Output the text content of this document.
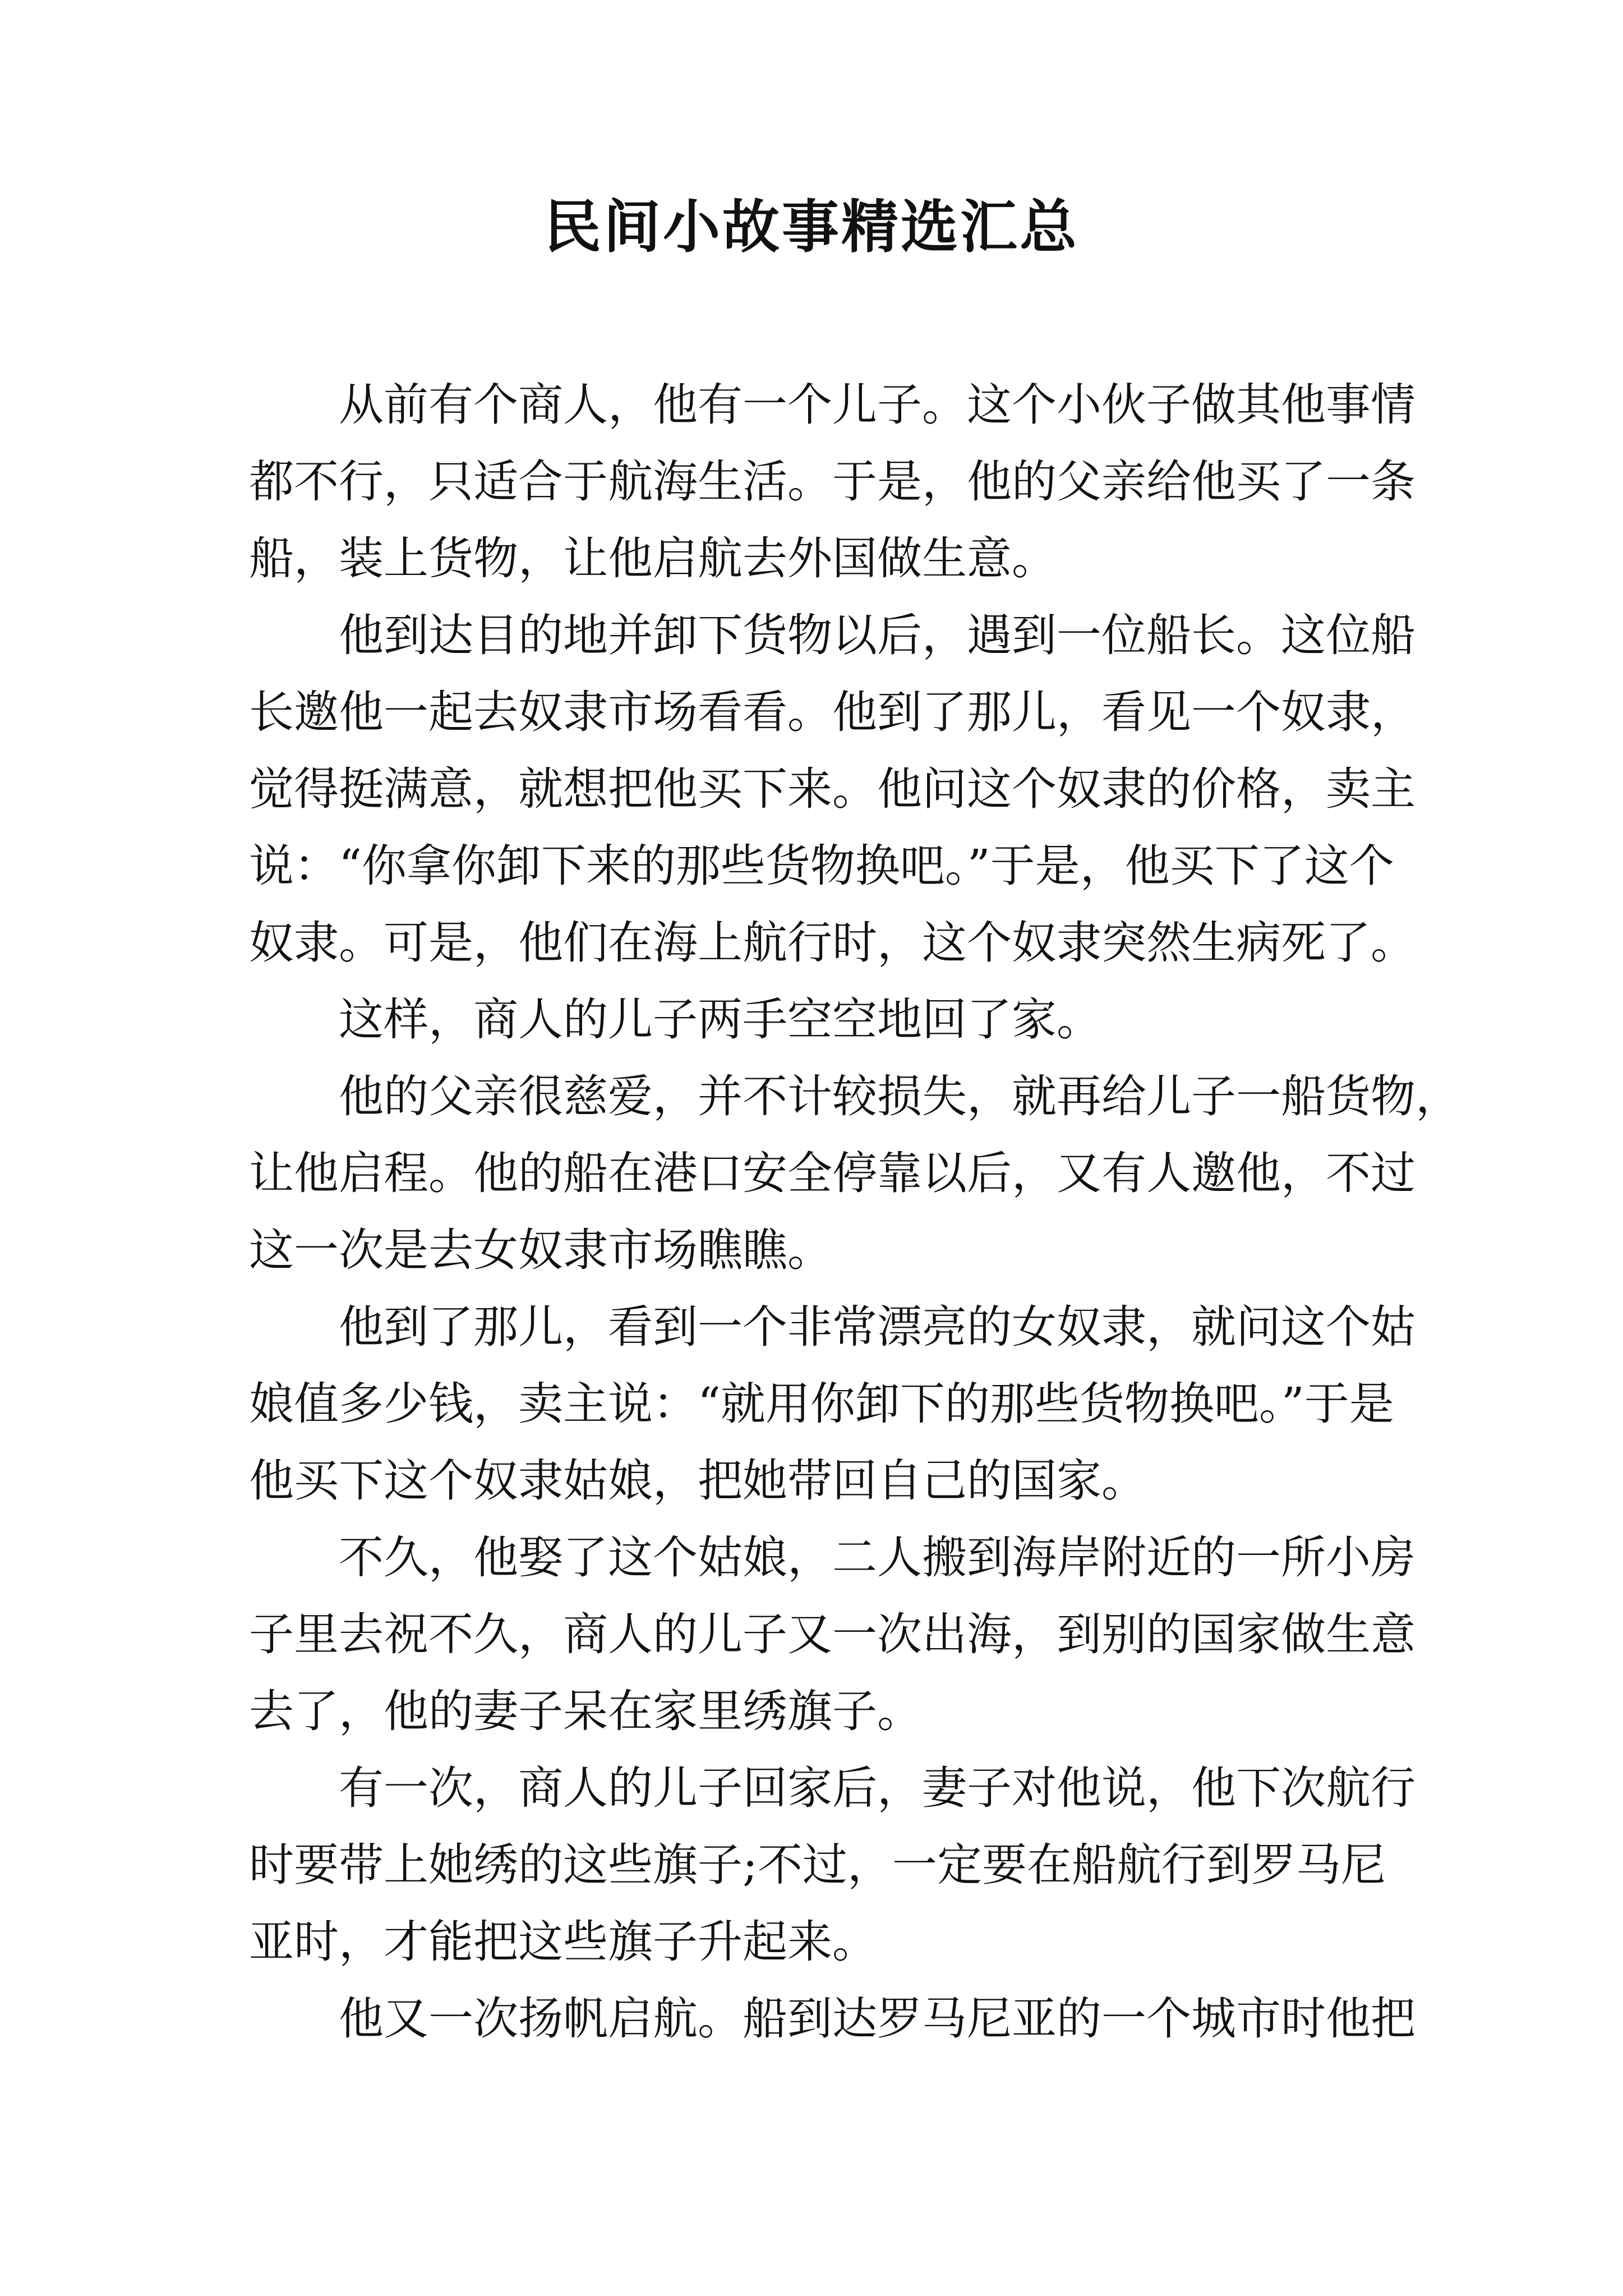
民间小故事精选汇总

从前有个商人，他有一个儿子。这个小伙子做其他事情
都不行，只适合于航海生活。于是，他的父亲给他买了一条
船，装上货物，让他启航去外国做生意。

他到达目的地并卸下货物以后，遇到一位船长。这位船
长邀他一起去奴隶市场看看。他到了那儿，看见一个奴隶，
觉得挺满意，就想把他买下来。他问这个奴隶的价格，卖主
说：“你拿你卸下来的那些货物换吧。”于是，他买下了这个
奴隶。可是，他们在海上航行时，这个奴隶突然生病死了。

这样，商人的儿子两手空空地回了家。

他的父亲很慈爱，并不计较损失，就再给儿子一船货物，
让他启程。他的船在港口安全停靠以后，又有人邀他，不过
这一次是去女奴隶市场瞧瞧。

他到了那儿，看到一个非常漂亮的女奴隶，就问这个姑
娘值多少钱，卖主说：“就用你卸下的那些货物换吧。”于是
他买下这个奴隶姑娘，把她带回自己的国家。

不久，他娶了这个姑娘，二人搬到海岸附近的一所小房
子里去祝不久，商人的儿子又一次出海，到别的国家做生意
去了，他的妻子呆在家里绣旗子。

有一次，商人的儿子回家后，妻子对他说，他下次航行
时要带上她绣的这些旗子;不过，一定要在船航行到罗马尼
亚时，才能把这些旗子升起来。

他又一次扬帆启航。船到达罗马尼亚的一个城市时他把
